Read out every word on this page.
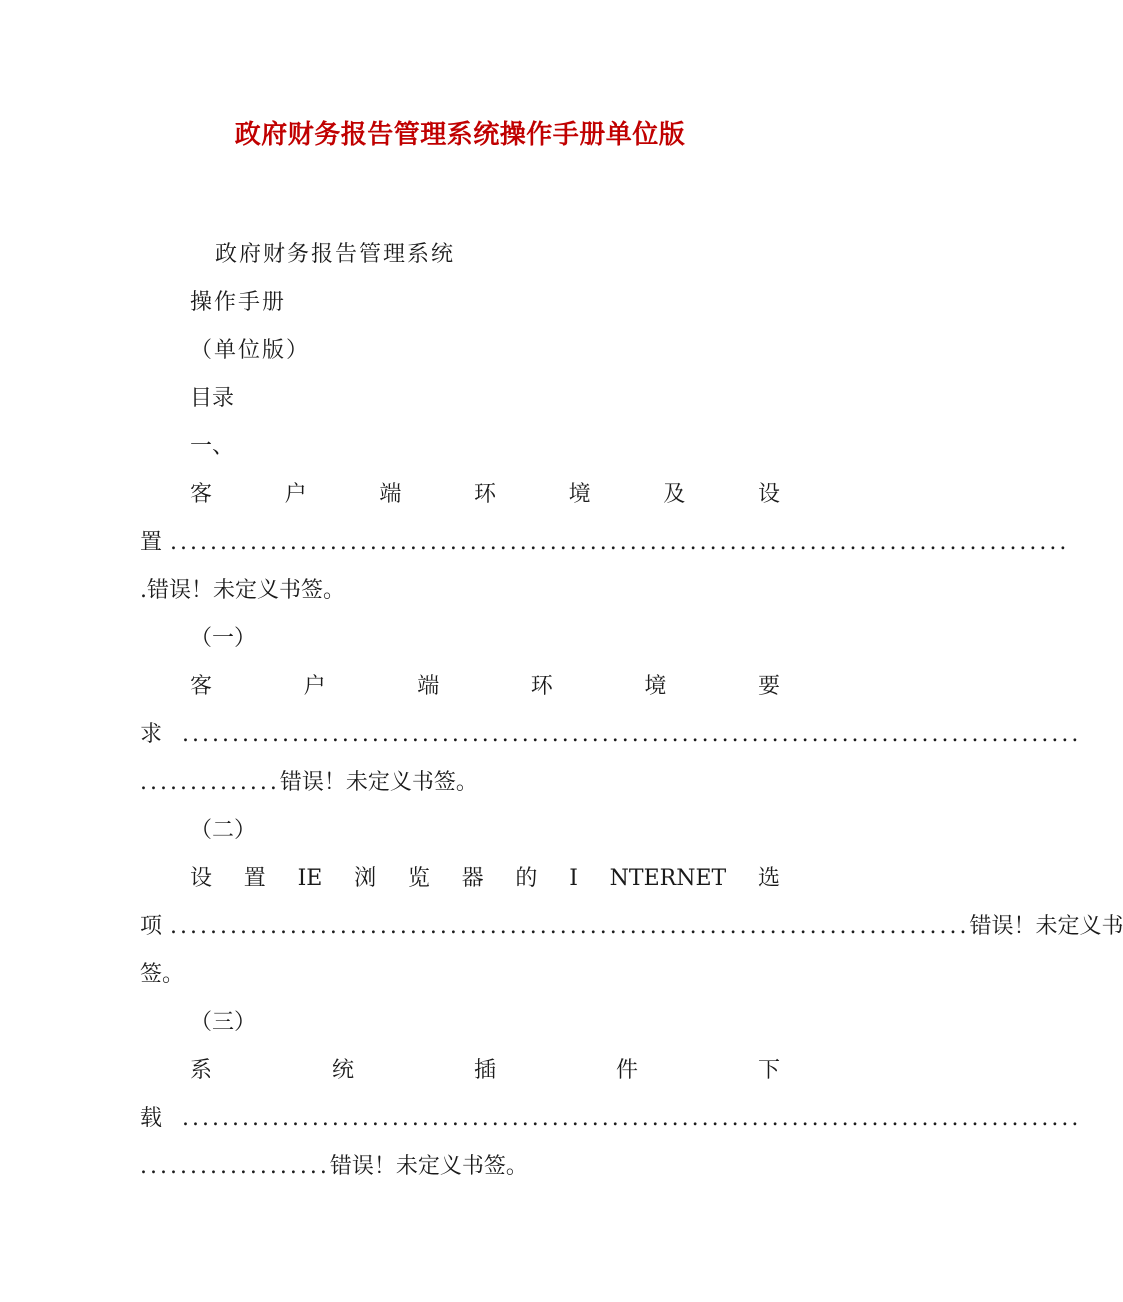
政府财务报告管理系统操作手册单位版
政府财务报告管理系统
操作手册
（单位版）
目录
一、
客	户	端	环	境	及	设
置 ..........................................................................................
.错误！未定义书签。
（一）
客	户	端	环	境	要
求 ..........................................................................................
.............. 错误！未定义书签。
（二）
设 置 IE 浏 览 器 的 I NTERNET 选
项 ................................................................................ 错误！未定义书
签。
（三）
系	统	插	件	下
载 ..........................................................................................
................... 错误！未定义书签。
